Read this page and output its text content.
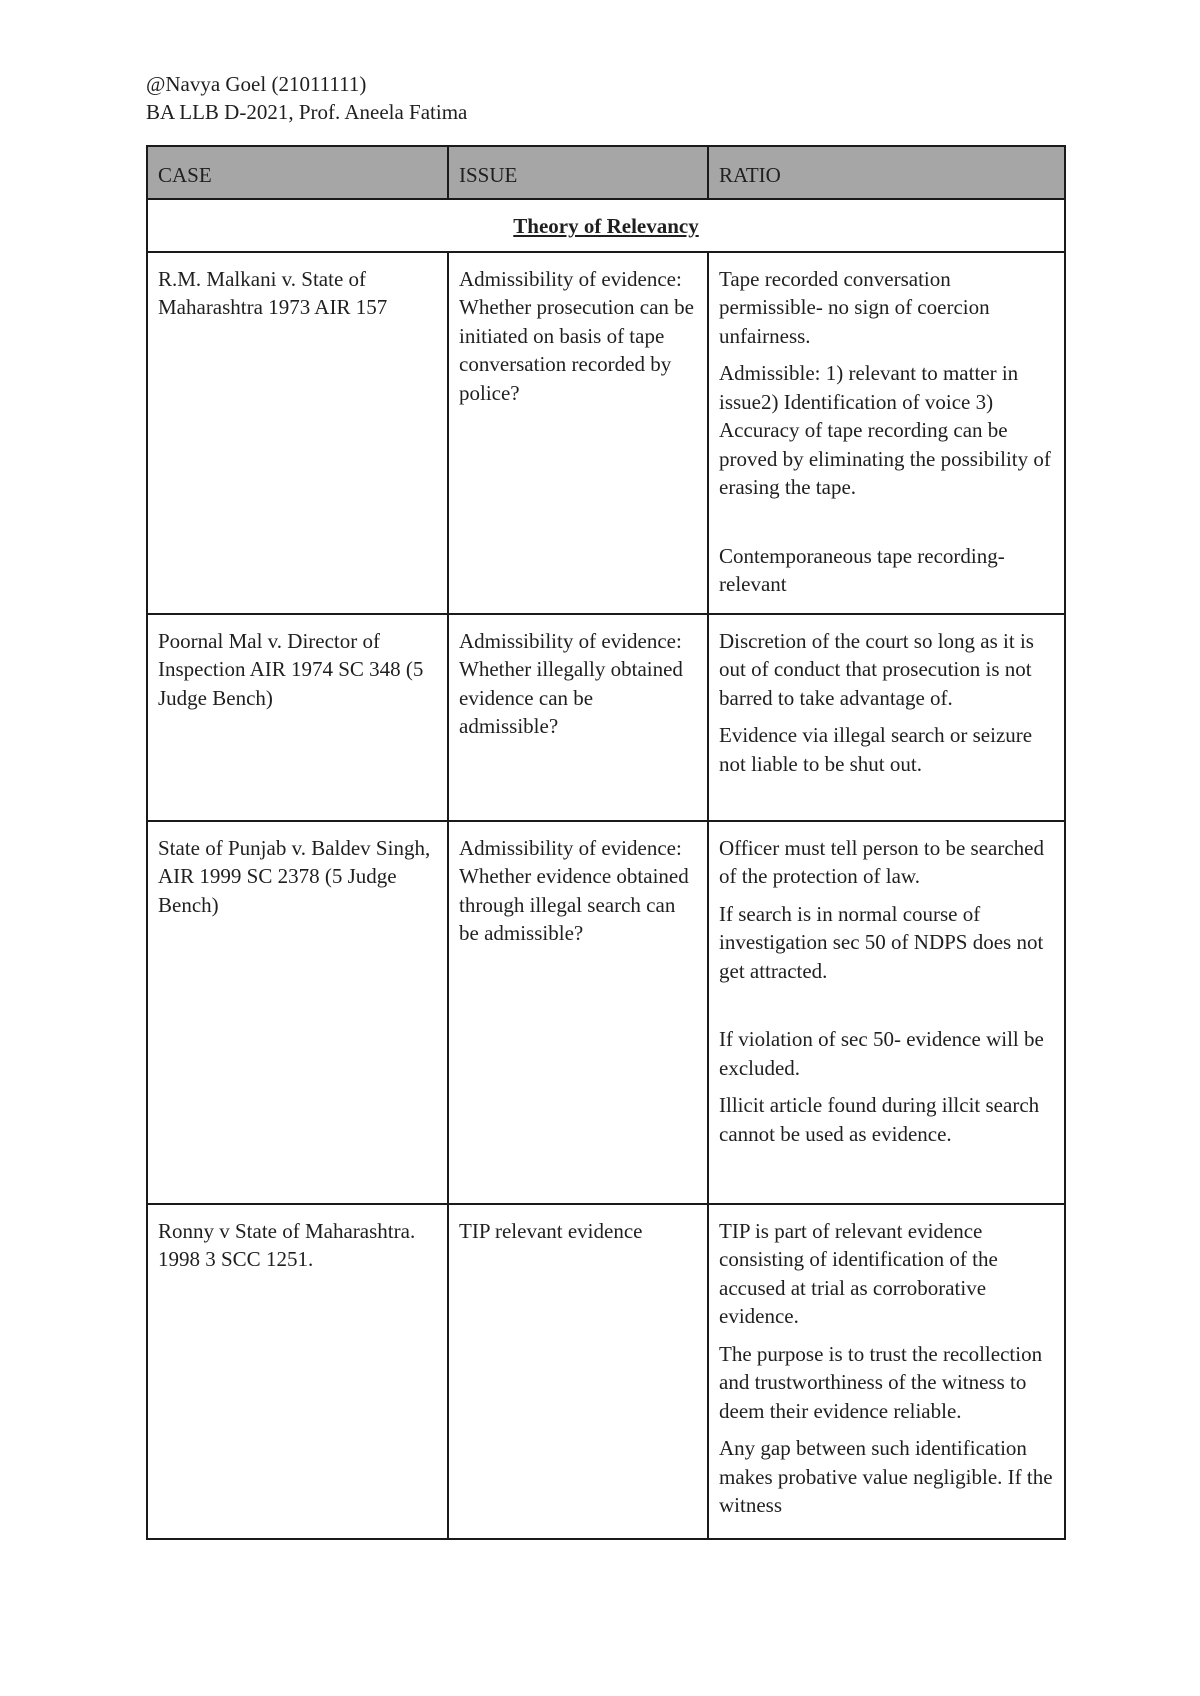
@Navya Goel (21011111)
BA LLB D-2021, Prof. Aneela Fatima
CASE	ISSUE	RATIO
Theory of Relevancy		
R.M. Malkani v. State of Maharashtra 1973 AIR 157	Admissibility of evidence: Whether prosecution can be initiated on basis of tape conversation recorded by police?	Tape recorded conversation permissible- no sign of coercion unfairness.

Admissible: 1) relevant to matter in issue2) Identification of voice 3) Accuracy of tape recording can be proved by eliminating the possibility of erasing the tape.

Contemporaneous tape recording- relevant

Poornal Mal v. Director of Inspection AIR 1974 SC 348 (5 Judge Bench)	Admissibility of evidence: Whether illegally obtained evidence can be admissible?	Discretion of the court so long as it is out of conduct that prosecution is not barred to take advantage of.

Evidence via illegal search or seizure not liable to be shut out.

State of Punjab v. Baldev Singh, AIR 1999 SC 2378 (5 Judge Bench)	Admissibility of evidence: Whether evidence obtained through illegal search can be admissible?	Officer must tell person to be searched of the protection of law.

If search is in normal course of investigation sec 50 of NDPS does not get attracted.

If violation of sec 50- evidence will be excluded.

Illicit article found during illcit search cannot be used as evidence.

Ronny v State of Maharashtra. 1998 3 SCC 1251.	TIP relevant evidence	TIP is part of relevant evidence consisting of identification of the accused at trial as corroborative evidence.

The purpose is to trust the recollection and trustworthiness of the witness to deem their evidence reliable.

Any gap between such identification makes probative value negligible. If the witness
